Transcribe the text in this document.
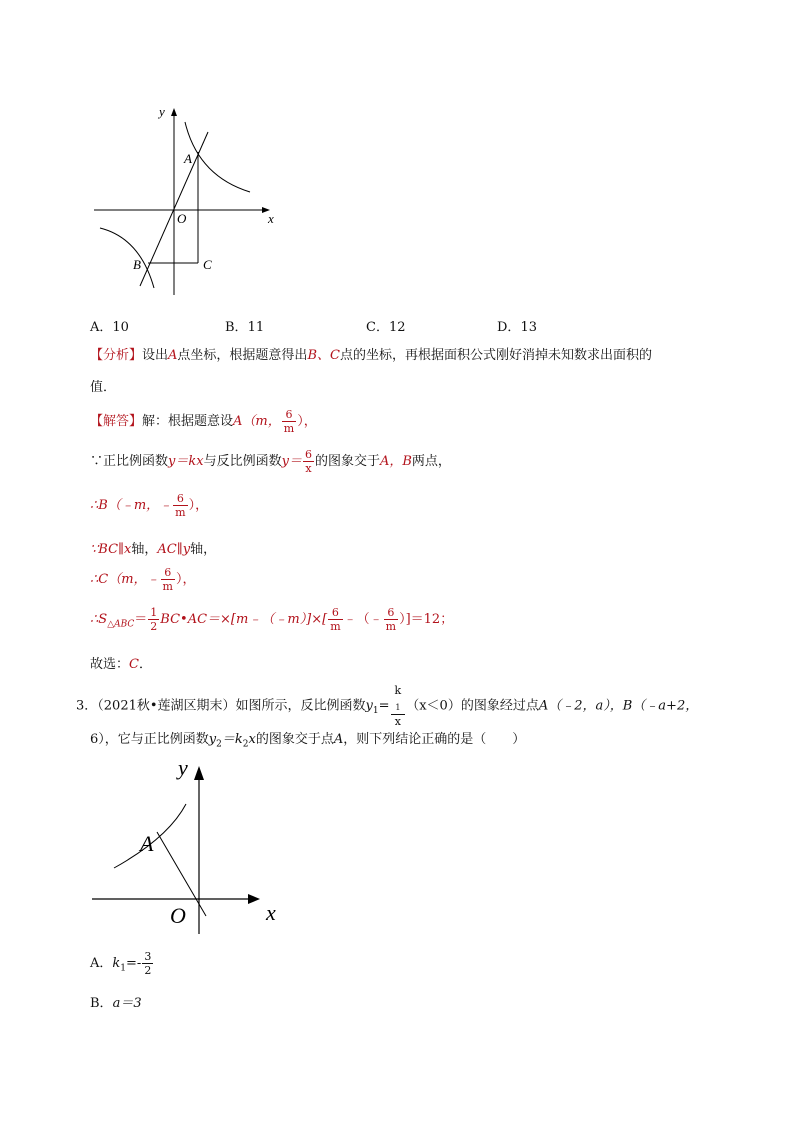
y
x
O
A
B	C
A．10	B．11	C．12	D．13
【分析】设出A点坐标，根据题意得出B、C点的坐标，再根据面积公式刚好消掉未知数求出面积的
值．
【解答】解：根据题意设A（m， $\frac{6}{m}$ ），
∵正比例函数y＝kx与反比例函数$y= \frac{6}{x}$ 的图象交于A，B两点，
∴B（﹣m，﹣ $\frac{6}{m}$ ），
∵BC∥x轴，AC∥y轴，
∴C（m，﹣ $\frac{6}{m}$ ），
$\therefore S_{\triangle ABC}= \frac{1}{2}$ BC•AC＝×[m﹣（﹣m）]×[ $\frac{6}{m}$ ﹣（﹣ $\frac{6}{m} )]=12$；
故选：C．
3．（2021秋•莲湖区期末）如图所示，反比例函数$y_1= k$
$_1$
x （x＜0）的图象经过点A（﹣2，a），B（﹣a+2，
6），它与正比例函数$y_2=k_2x$的图象交于点A，则下列结论正确的是（　　）
y
x
O
A
A．$k_1=- \frac{3}{2}$
B．a＝3
